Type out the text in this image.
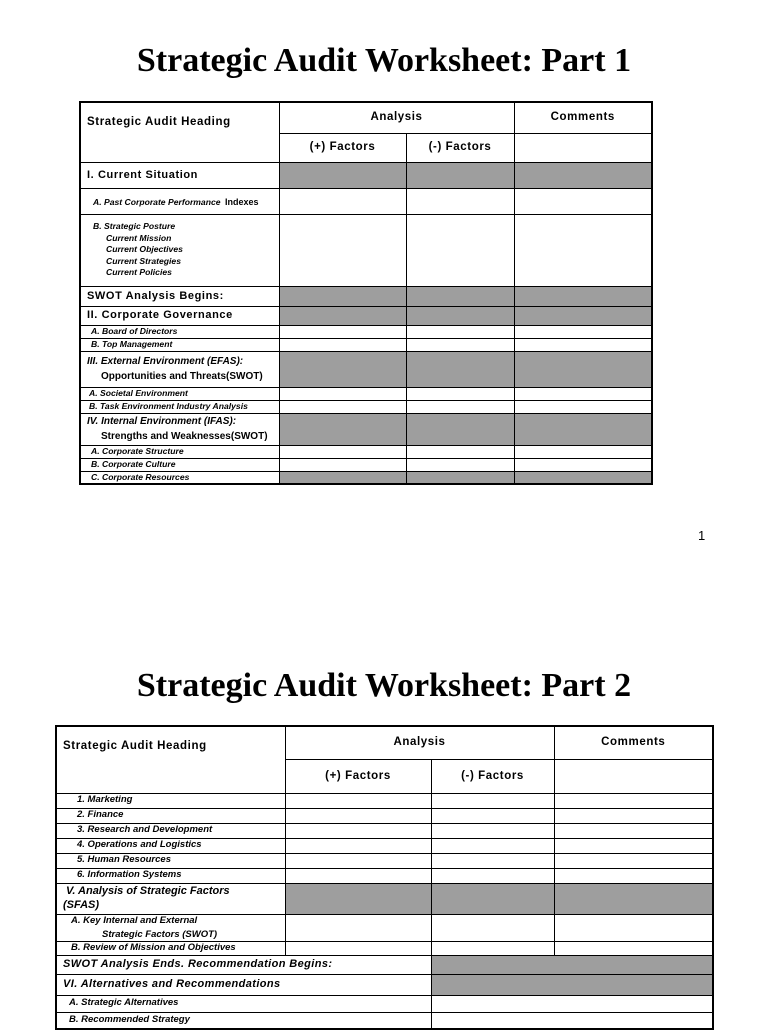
Strategic Audit Worksheet: Part 1
Strategic Audit Heading	Analysis		Comments
	(+) Factors	(-) Factors	
I. Current Situation			
A. Past Corporate Performance Indexes			

B. Strategic Posture
Current Mission
Current Objectives
Current Strategies
Current Policies			

SWOT Analysis Begins:			
II. Corporate Governance			
A. Board of Directors			
B. Top Management			

III. External Environment (EFAS):
Opportunities and Threats(SWOT)			

A. Societal Environment			
B. Task Environment Industry Analysis			

IV. Internal Environment (IFAS):
Strengths and Weaknesses(SWOT)			

A. Corporate Structure			
B. Corporate Culture			
C. Corporate Resources			
1
Strategic Audit Worksheet: Part 2
Strategic Audit Heading	Analysis		Comments
	(+) Factors	(-) Factors	
1. Marketing			
2. Finance			
3. Research and Development			
4. Operations and Logistics			
5. Human Resources			
6. Information Systems			

V. Analysis of Strategic Factors
(SFAS)			

A. Key Internal and External
Strategic Factors (SWOT)			

B. Review of Mission and Objectives			
SWOT Analysis Ends. Recommendation Begins:			
VI. Alternatives and Recommendations			
A. Strategic Alternatives			
B. Recommended Strategy			
